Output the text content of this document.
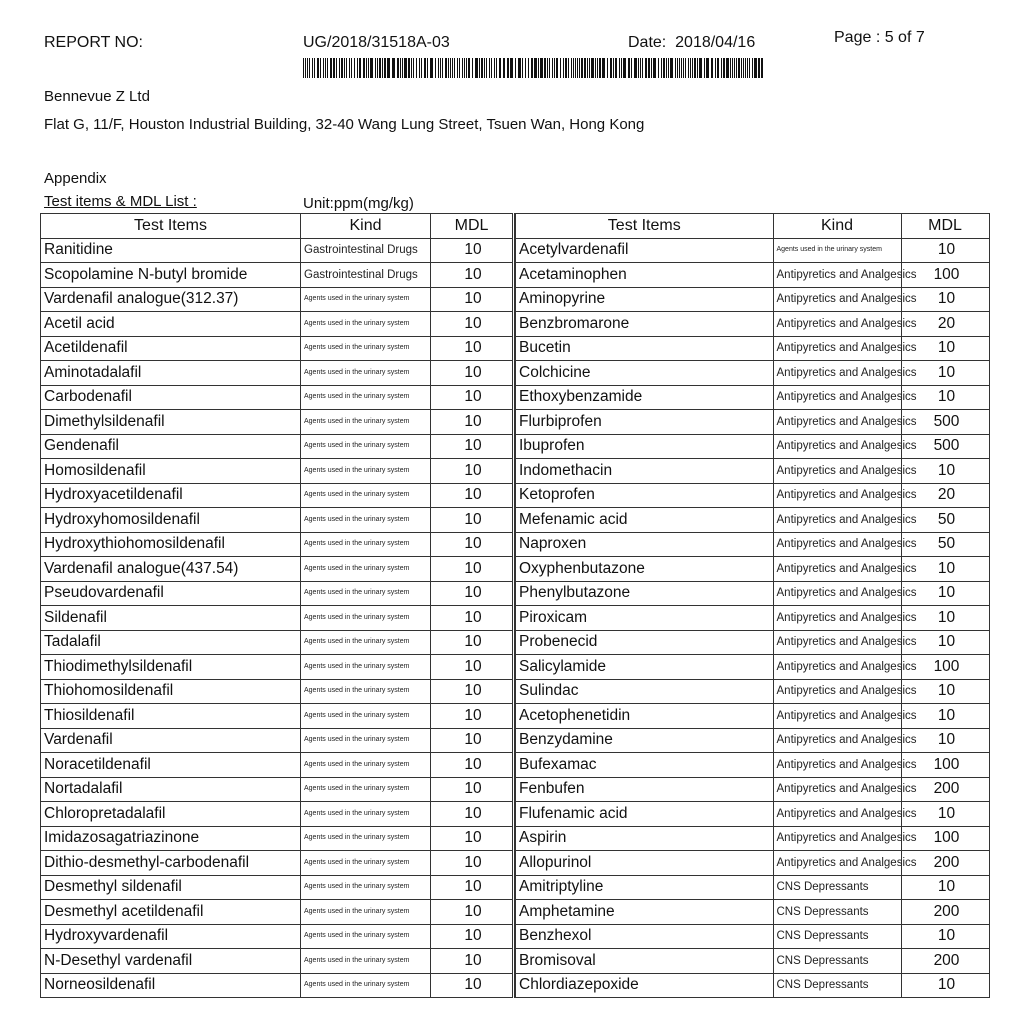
REPORT NO:	UG/2018/31518A-03	Date: 2018/04/16	Page : 5 of 7
Bennevue Z Ltd
Flat G, 11/F, Houston Industrial Building, 32-40 Wang Lung Street, Tsuen Wan, Hong Kong
Appendix
Test items & MDL List :	Unit:ppm(mg/kg)
Test Items	Kind	MDL
Ranitidine	Gastrointestinal Drugs	10
Scopolamine N-butyl bromide	Gastrointestinal Drugs	10
Vardenafil analogue(312.37)	Agents used in the urinary system	10
Acetil acid	Agents used in the urinary system	10
Acetildenafil	Agents used in the urinary system	10
Aminotadalafil	Agents used in the urinary system	10
Carbodenafil	Agents used in the urinary system	10
Dimethylsildenafil	Agents used in the urinary system	10
Gendenafil	Agents used in the urinary system	10
Homosildenafil	Agents used in the urinary system	10
Hydroxyacetildenafil	Agents used in the urinary system	10
Hydroxyhomosildenafil	Agents used in the urinary system	10
Hydroxythiohomosildenafil	Agents used in the urinary system	10
Vardenafil analogue(437.54)	Agents used in the urinary system	10
Pseudovardenafil	Agents used in the urinary system	10
Sildenafil	Agents used in the urinary system	10
Tadalafil	Agents used in the urinary system	10
Thiodimethylsildenafil	Agents used in the urinary system	10
Thiohomosildenafil	Agents used in the urinary system	10
Thiosildenafil	Agents used in the urinary system	10
Vardenafil	Agents used in the urinary system	10
Noracetildenafil	Agents used in the urinary system	10
Nortadalafil	Agents used in the urinary system	10
Chloropretadalafil	Agents used in the urinary system	10
Imidazosagatriazinone	Agents used in the urinary system	10
Dithio-desmethyl-carbodenafil	Agents used in the urinary system	10
Desmethyl sildenafil	Agents used in the urinary system	10
Desmethyl acetildenafil	Agents used in the urinary system	10
Hydroxyvardenafil	Agents used in the urinary system	10
N-Desethyl vardenafil	Agents used in the urinary system	10
Norneosildenafil	Agents used in the urinary system	10
Test Items	Kind	MDL
Acetylvardenafil	Agents used in the urinary system	10
Acetaminophen	Antipyretics and Analgesics	100
Aminopyrine	Antipyretics and Analgesics	10
Benzbromarone	Antipyretics and Analgesics	20
Bucetin	Antipyretics and Analgesics	10
Colchicine	Antipyretics and Analgesics	10
Ethoxybenzamide	Antipyretics and Analgesics	10
Flurbiprofen	Antipyretics and Analgesics	500
Ibuprofen	Antipyretics and Analgesics	500
Indomethacin	Antipyretics and Analgesics	10
Ketoprofen	Antipyretics and Analgesics	20
Mefenamic acid	Antipyretics and Analgesics	50
Naproxen	Antipyretics and Analgesics	50
Oxyphenbutazone	Antipyretics and Analgesics	10
Phenylbutazone	Antipyretics and Analgesics	10
Piroxicam	Antipyretics and Analgesics	10
Probenecid	Antipyretics and Analgesics	10
Salicylamide	Antipyretics and Analgesics	100
Sulindac	Antipyretics and Analgesics	10
Acetophenetidin	Antipyretics and Analgesics	10
Benzydamine	Antipyretics and Analgesics	10
Bufexamac	Antipyretics and Analgesics	100
Fenbufen	Antipyretics and Analgesics	200
Flufenamic acid	Antipyretics and Analgesics	10
Aspirin	Antipyretics and Analgesics	100
Allopurinol	Antipyretics and Analgesics	200
Amitriptyline	CNS Depressants	10
Amphetamine	CNS Depressants	200
Benzhexol	CNS Depressants	10
Bromisoval	CNS Depressants	200
Chlordiazepoxide	CNS Depressants	10
